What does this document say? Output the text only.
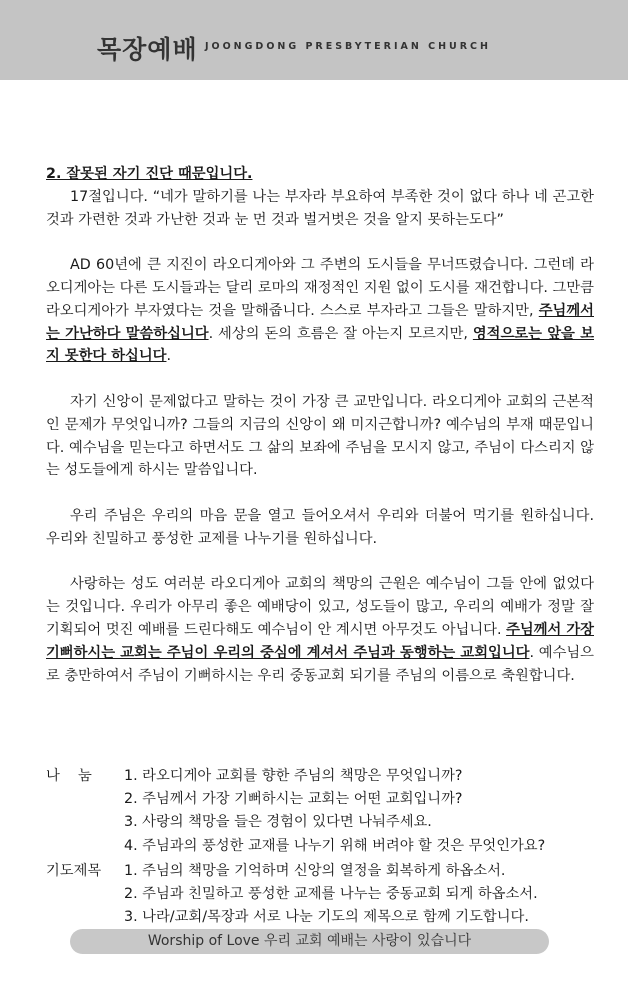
목장예배 JOONGDONG PRESBYTERIAN CHURCH

2. 잘못된 자기 진단 때문입니다.

17절입니다. “네가 말하기를 나는 부자라 부요하여 부족한 것이 없다 하나 네 곤고한 것과 가련한 것과 가난한 것과 눈 먼 것과 벌거벗은 것을 알지 못하는도다”

AD 60년에 큰 지진이 라오디게아와 그 주변의 도시들을 무너뜨렸습니다. 그런데 라오디게아는 다른 도시들과는 달리 로마의 재정적인 지원 없이 도시를 재건합니다. 그만큼 라오디게아가 부자였다는 것을 말해줍니다. 스스로 부자라고 그들은 말하지만, 주님께서는 가난하다 말씀하십니다. 세상의 돈의 흐름은 잘 아는지 모르지만, 영적으로는 앞을 보지 못한다 하십니다.

자기 신앙이 문제없다고 말하는 것이 가장 큰 교만입니다. 라오디게아 교회의 근본적인 문제가 무엇입니까? 그들의 지금의 신앙이 왜 미지근합니까? 예수님의 부재 때문입니다. 예수님을 믿는다고 하면서도 그 삶의 보좌에 주님을 모시지 않고, 주님이 다스리지 않는 성도들에게 하시는 말씀입니다.

우리 주님은 우리의 마음 문을 열고 들어오셔서 우리와 더불어 먹기를 원하십니다. 우리와 친밀하고 풍성한 교제를 나누기를 원하십니다.

사랑하는 성도 여러분 라오디게아 교회의 책망의 근원은 예수님이 그들 안에 없었다는 것입니다. 우리가 아무리 좋은 예배당이 있고, 성도들이 많고, 우리의 예배가 정말 잘 기획되어 멋진 예배를 드린다해도 예수님이 안 계시면 아무것도 아닙니다. 주님께서 가장 기뻐하시는 교회는 주님이 우리의 중심에 계셔서 주님과 동행하는 교회입니다. 예수님으로 충만하여서 주님이 기뻐하시는 우리 중동교회 되기를 주님의 이름으로 축원합니다.

나    눔	1. 라오디게아 교회를 향한 주님의 책망은 무엇입니까?
2. 주님께서 가장 기뻐하시는 교회는 어떤 교회입니까?
3. 사랑의 책망을 들은 경험이 있다면 나눠주세요.
4. 주님과의 풍성한 교재를 나누기 위해 버려야 할 것은 무엇인가요?
기도제목	1. 주님의 책망을 기억하며 신앙의 열정을 회복하게 하옵소서.
2. 주님과 친밀하고 풍성한 교제를 나누는 중동교회 되게 하옵소서.
3. 나라/교회/목장과 서로 나눈 기도의 제목으로 함께 기도합니다.
Worship of Love 우리 교회 예배는 사랑이 있습니다
